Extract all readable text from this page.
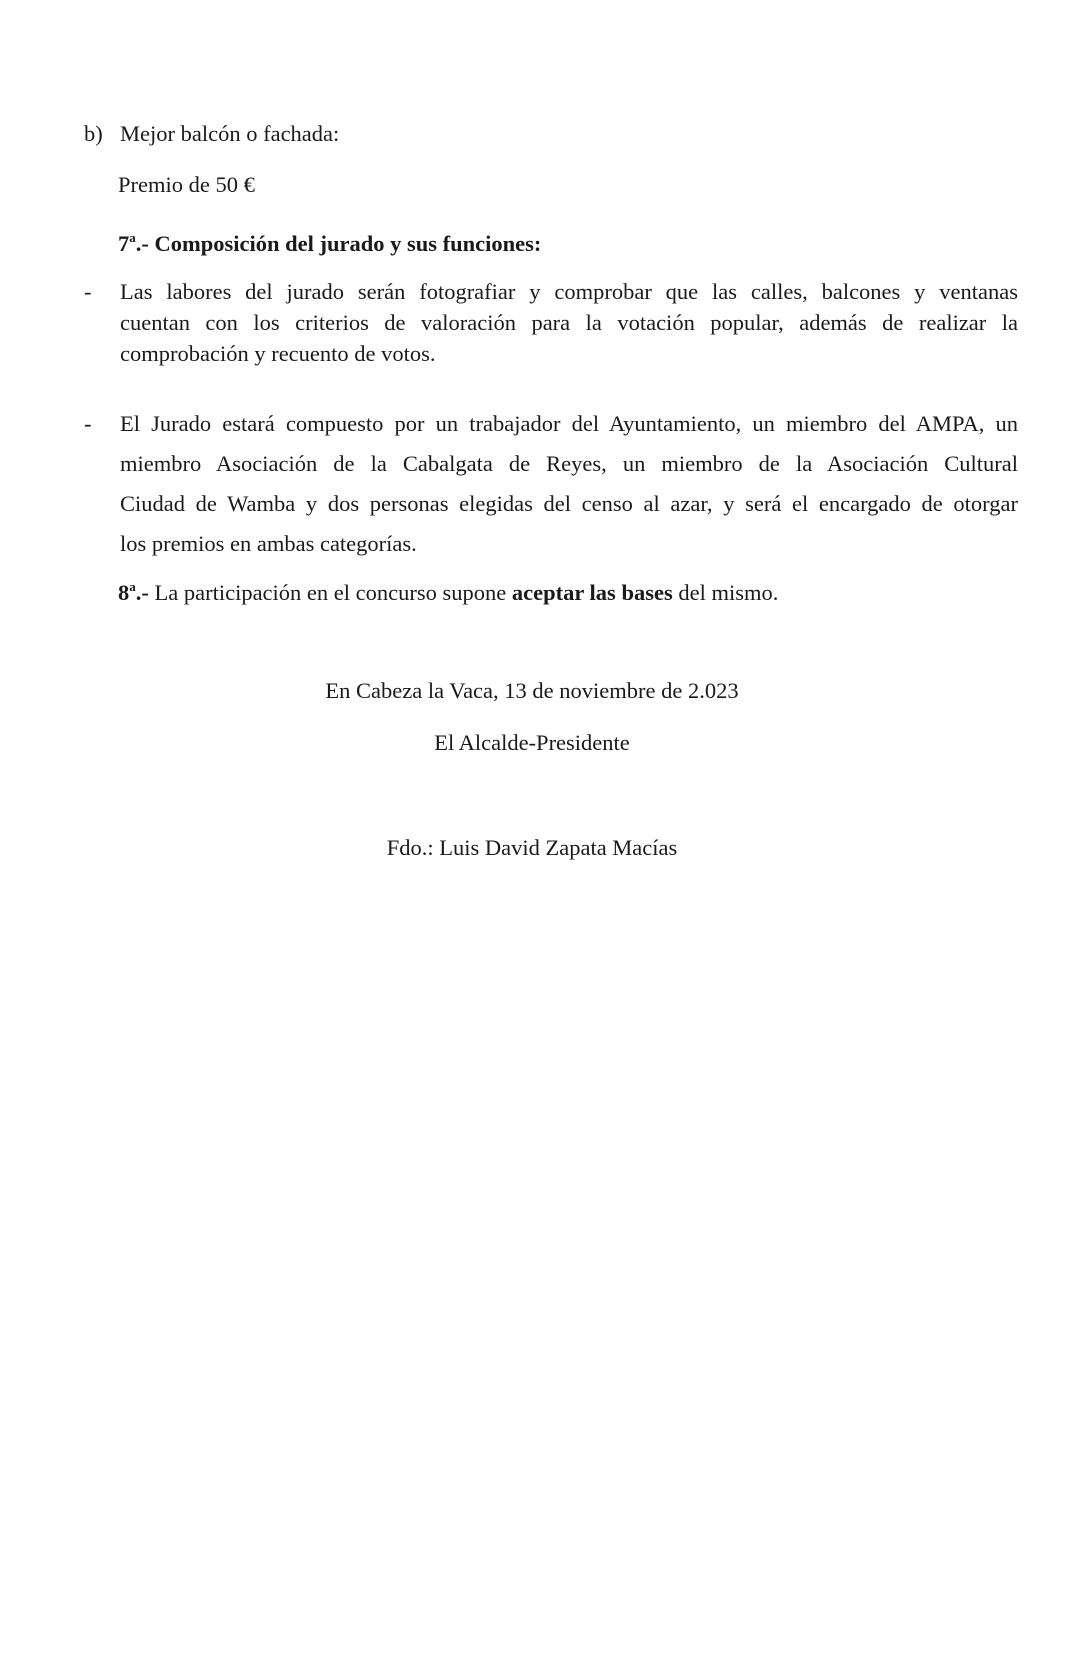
b) Mejor balcón o fachada:
Premio de 50 €
7$^a$.- Composición del jurado y sus funciones:
- Las labores del jurado serán fotografiar y comprobar que las calles, balcones y ventanas
cuentan con los criterios de valoración para la votación popular, además de realizar la
comprobación y recuento de votos.
- El Jurado estará compuesto por un trabajador del Ayuntamiento, un miembro del AMPA, un
miembro Asociación de la Cabalgata de Reyes, un miembro de la Asociación Cultural
Ciudad de Wamba y dos personas elegidas del censo al azar, y será el encargado de otorgar
los premios en ambas categorías.
8$^a$.- La participación en el concurso supone aceptar las bases del mismo.
En Cabeza la Vaca, 13 de noviembre de 2.023
El Alcalde-Presidente
Fdo.: Luis David Zapata Macías
